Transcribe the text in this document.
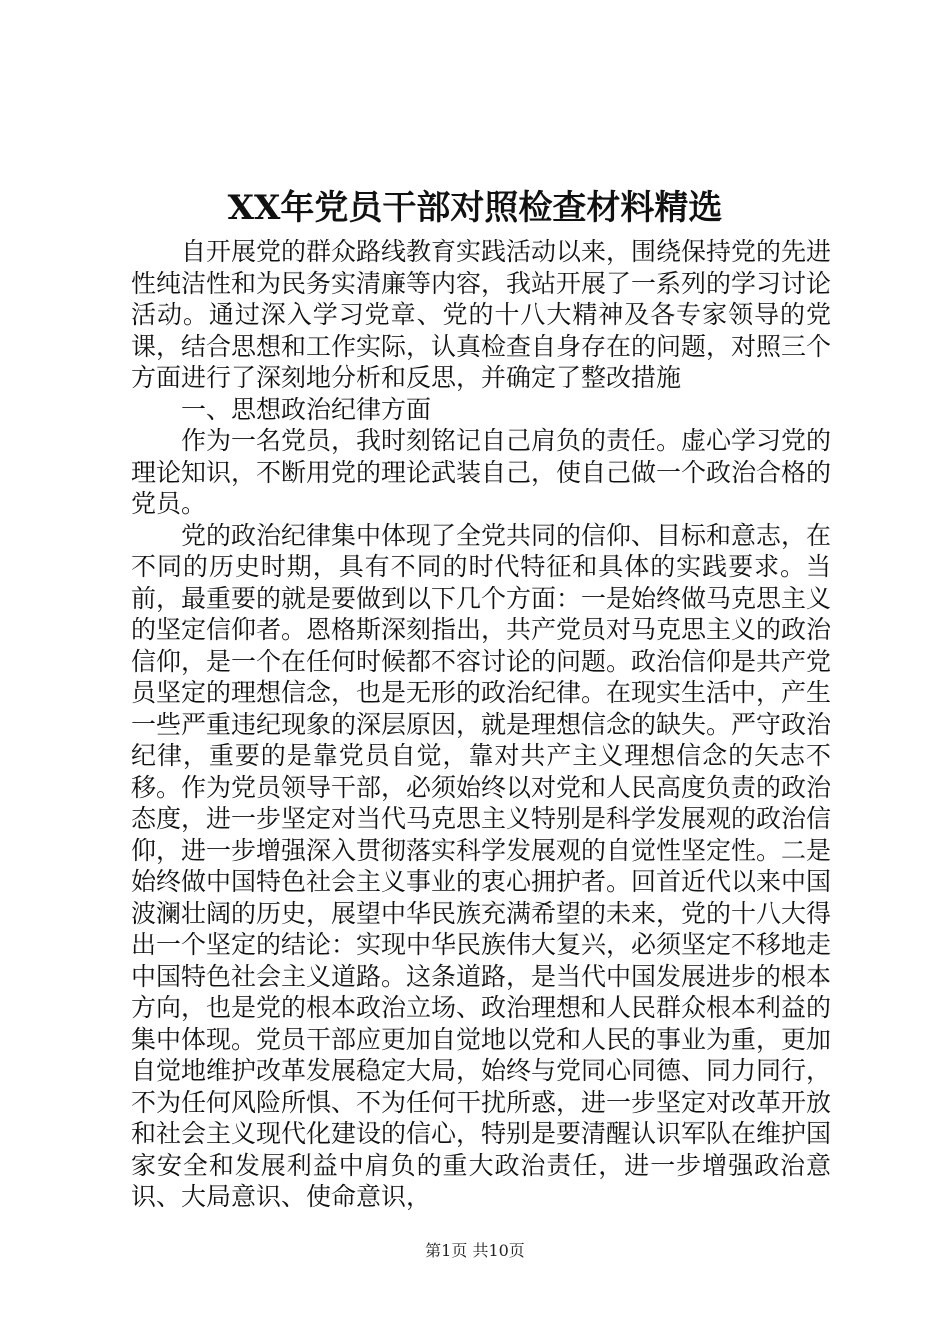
XX年党员干部对照检查材料精选

自开展党的群众路线教育实践活动以来，围绕保持党的先进性纯洁性和为民务实清廉等内容，我站开展了一系列的学习讨论活动。通过深入学习党章、党的十八大精神及各专家领导的党课，结合思想和工作实际，认真检查自身存在的问题，对照三个方面进行了深刻地分析和反思，并确定了整改措施

一、思想政治纪律方面

作为一名党员，我时刻铭记自己肩负的责任。虚心学习党的理论知识，不断用党的理论武装自己，使自己做一个政治合格的党员。

党的政治纪律集中体现了全党共同的信仰、目标和意志，在不同的历史时期，具有不同的时代特征和具体的实践要求。当前，最重要的就是要做到以下几个方面：一是始终做马克思主义的坚定信仰者。恩格斯深刻指出，共产党员对马克思主义的政治信仰，是一个在任何时候都不容讨论的问题。政治信仰是共产党员坚定的理想信念，也是无形的政治纪律。在现实生活中，产生一些严重违纪现象的深层原因，就是理想信念的缺失。严守政治纪律，重要的是靠党员自觉，靠对共产主义理想信念的矢志不移。作为党员领导干部，必须始终以对党和人民高度负责的政治态度，进一步坚定对当代马克思主义特别是科学发展观的政治信仰，进一步增强深入贯彻落实科学发展观的自觉性坚定性。二是始终做中国特色社会主义事业的衷心拥护者。回首近代以来中国波澜壮阔的历史，展望中华民族充满希望的未来，党的十八大得出一个坚定的结论：实现中华民族伟大复兴，必须坚定不移地走中国特色社会主义道路。这条道路，是当代中国发展进步的根本方向，也是党的根本政治立场、政治理想和人民群众根本利益的集中体现。党员干部应更加自觉地以党和人民的事业为重，更加自觉地维护改革发展稳定大局，始终与党同心同德、同力同行，不为任何风险所惧、不为任何干扰所惑，进一步坚定对改革开放和社会主义现代化建设的信心，特别是要清醒认识军队在维护国家安全和发展利益中肩负的重大政治责任，进一步增强政治意识、大局意识、使命意识，

第1页 共10页
